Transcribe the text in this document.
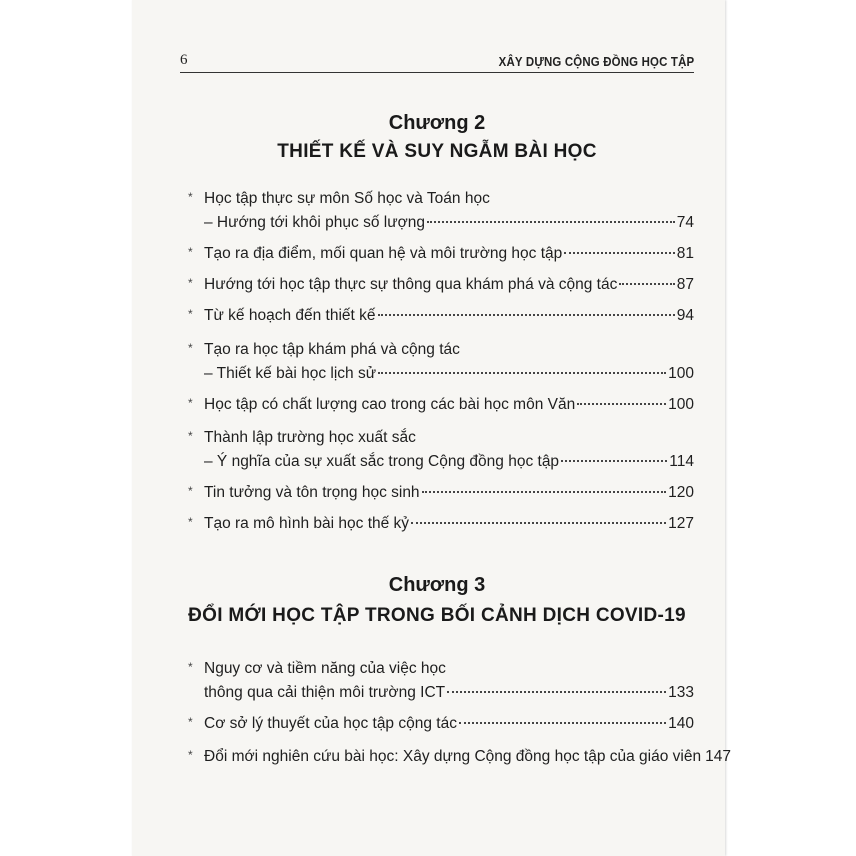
6	XÂY DỰNG CỘNG ĐỒNG HỌC TẬP
Chương 2
THIẾT KẾ VÀ SUY NGẪM BÀI HỌC
* Học tập thực sự môn Số học và Toán học
– Hướng tới khôi phục số lượng	74
* Tạo ra địa điểm, mối quan hệ và môi trường học tập	81
* Hướng tới học tập thực sự thông qua khám phá và cộng tác	87
* Từ kế hoạch đến thiết kế	94
* Tạo ra học tập khám phá và cộng tác
– Thiết kế bài học lịch sử	100
* Học tập có chất lượng cao trong các bài học môn Văn	100
* Thành lập trường học xuất sắc
– Ý nghĩa của sự xuất sắc trong Cộng đồng học tập	114
* Tin tưởng và tôn trọng học sinh	120
* Tạo ra mô hình bài học thế kỷ	127
Chương 3
ĐỔI MỚI HỌC TẬP TRONG BỐI CẢNH DỊCH COVID-19
* Nguy cơ và tiềm năng của việc học
thông qua cải thiện môi trường ICT	133
* Cơ sở lý thuyết của học tập cộng tác	140
* Đổi mới nghiên cứu bài học: Xây dựng Cộng đồng học tập của giáo viên 147
